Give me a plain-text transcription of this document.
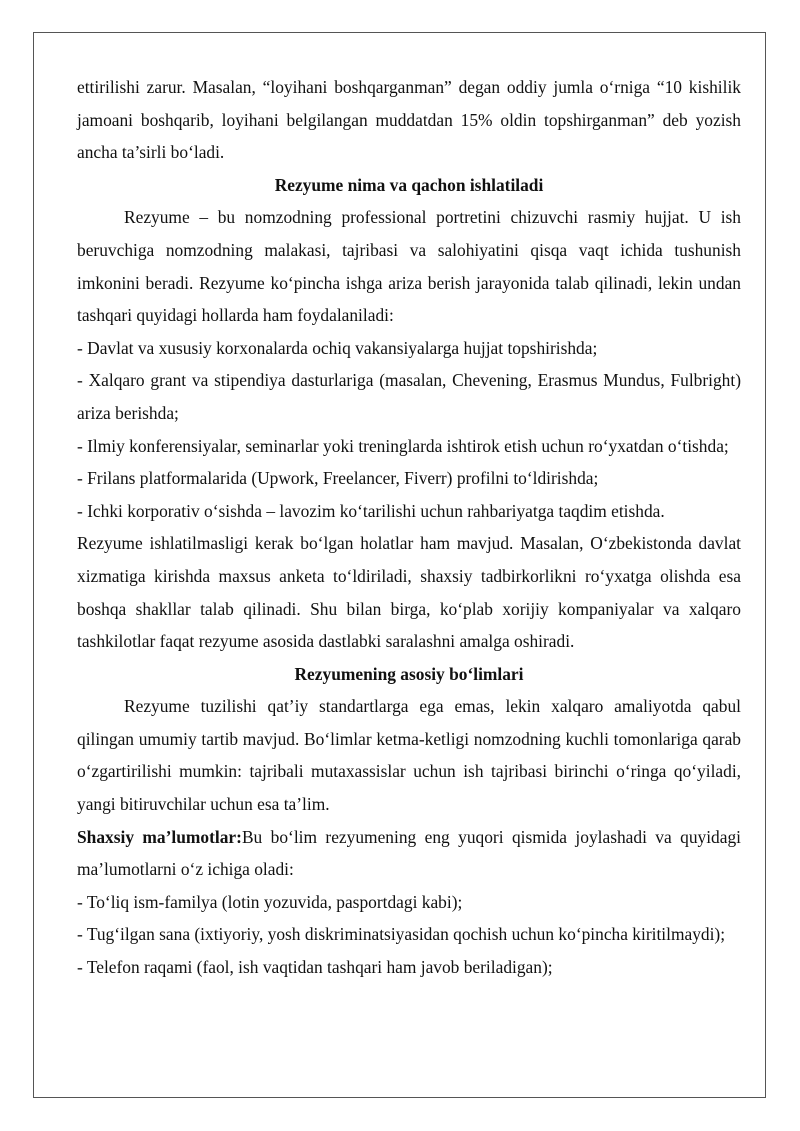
ettirilishi zarur. Masalan, “loyihani boshqarganman” degan oddiy jumla o‘rniga “10 kishilik jamoani boshqarib, loyihani belgilangan muddatdan 15% oldin topshirganman” deb yozish ancha ta’sirli bo‘ladi.

Rezyume nima va qachon ishlatiladi

Rezyume – bu nomzodning professional portretini chizuvchi rasmiy hujjat. U ish beruvchiga nomzodning malakasi, tajribasi va salohiyatini qisqa vaqt ichida tushunish imkonini beradi. Rezyume ko‘pincha ishga ariza berish jarayonida talab qilinadi, lekin undan tashqari quyidagi hollarda ham foydalaniladi:

- Davlat va xususiy korxonalarda ochiq vakansiyalarga hujjat topshirishda;

- Xalqaro grant va stipendiya dasturlariga (masalan, Chevening, Erasmus Mundus, Fulbright) ariza berishda;

- Ilmiy konferensiyalar, seminarlar yoki treninglarda ishtirok etish uchun ro‘yxatdan o‘tishda;

- Frilans platformalarida (Upwork, Freelancer, Fiverr) profilni to‘ldirishda;

- Ichki korporativ o‘sishda – lavozim ko‘tarilishi uchun rahbariyatga taqdim etishda.

Rezyume ishlatilmasligi kerak bo‘lgan holatlar ham mavjud. Masalan, O‘zbekistonda davlat xizmatiga kirishda maxsus anketa to‘ldiriladi, shaxsiy tadbirkorlikni ro‘yxatga olishda esa boshqa shakllar talab qilinadi. Shu bilan birga, ko‘plab xorijiy kompaniyalar va xalqaro tashkilotlar faqat rezyume asosida dastlabki saralashni amalga oshiradi.

Rezyumening asosiy bo‘limlari

Rezyume tuzilishi qat’iy standartlarga ega emas, lekin xalqaro amaliyotda qabul qilingan umumiy tartib mavjud. Bo‘limlar ketma-ketligi nomzodning kuchli tomonlariga qarab o‘zgartirilishi mumkin: tajribali mutaxassislar uchun ish tajribasi birinchi o‘ringa qo‘yiladi, yangi bitiruvchilar uchun esa ta’lim.

Shaxsiy ma’lumotlar:Bu bo‘lim rezyumening eng yuqori qismida joylashadi va quyidagi ma’lumotlarni o‘z ichiga oladi:

- To‘liq ism-familya (lotin yozuvida, pasportdagi kabi);

- Tug‘ilgan sana (ixtiyoriy, yosh diskriminatsiyasidan qochish uchun ko‘pincha kiritilmaydi);

- Telefon raqami (faol, ish vaqtidan tashqari ham javob beriladigan);
